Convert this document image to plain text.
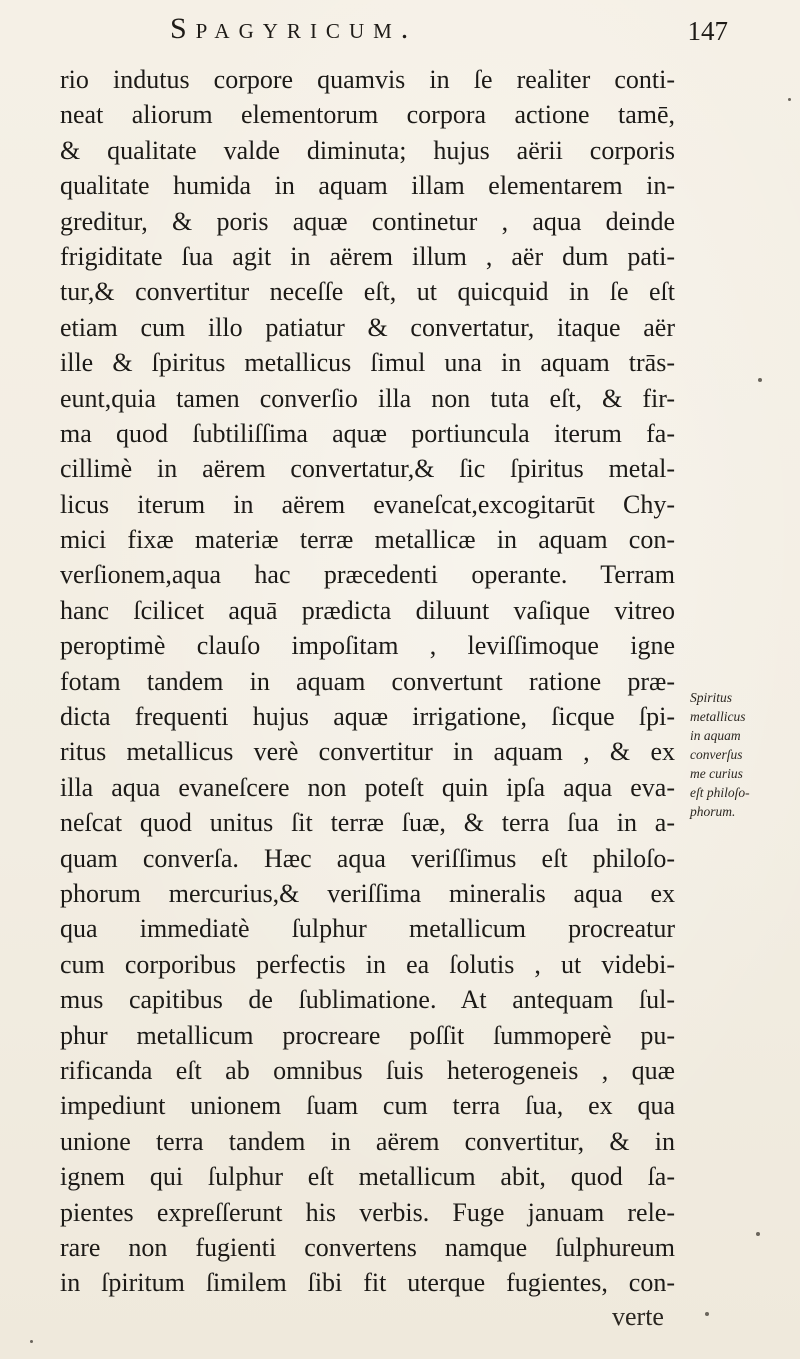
Spagyricum.	147
rio indutus corpore quamvis in ſe realiter conti-
neat aliorum elementorum corpora actione tamē,
& qualitate valde diminuta; hujus aërii corporis
qualitate humida in aquam illam elementarem in-
greditur, & poris aquæ continetur , aqua deinde
frigiditate ſua agit in aërem illum , aër dum pati-
tur,& convertitur neceſſe eſt, ut quicquid in ſe eſt
etiam cum illo patiatur & convertatur, itaque aër
ille & ſpiritus metallicus ſimul una in aquam trās-
eunt,quia tamen converſio illa non tuta eſt, & fir-
ma quod ſubtiliſſima aquæ portiuncula iterum fa-
cillimè in aërem convertatur,& ſic ſpiritus metal-
licus iterum in aërem evaneſcat,excogitarūt Chy-
mici fixæ materiæ terræ metallicæ in aquam con-
verſionem,aqua hac præcedenti operante. Terram
hanc ſcilicet aquā prædicta diluunt vaſique vitreo
peroptimè clauſo impoſitam , leviſſimoque igne
fotam tandem in aquam convertunt ratione præ-
dicta frequenti hujus aquæ irrigatione, ſicque ſpi-
ritus metallicus verè convertitur in aquam , & ex
illa aqua evaneſcere non poteſt quin ipſa aqua eva-
neſcat quod unitus ſit terræ ſuæ, & terra ſua in a-
quam converſa. Hæc aqua veriſſimus eſt philoſo-
phorum mercurius,& veriſſima mineralis aqua ex
qua immediatè ſulphur metallicum procreatur
cum corporibus perfectis in ea ſolutis , ut videbi-
mus capitibus de ſublimatione. At antequam ſul-
phur metallicum procreare poſſit ſummoperè pu-
rificanda eſt ab omnibus ſuis heterogeneis , quæ
impediunt unionem ſuam cum terra ſua, ex qua
unione terra tandem in aërem convertitur, & in
ignem qui ſulphur eſt metallicum abit, quod ſa-
pientes expreſſerunt his verbis. Fuge januam rele-
rare non fugienti convertens namque ſulphureum
in ſpiritum ſimilem ſibi fit uterque fugientes, con-
verte
Spiritus
metallicus
in aquam
converſus
me curius
eſt philoſo-
phorum.
